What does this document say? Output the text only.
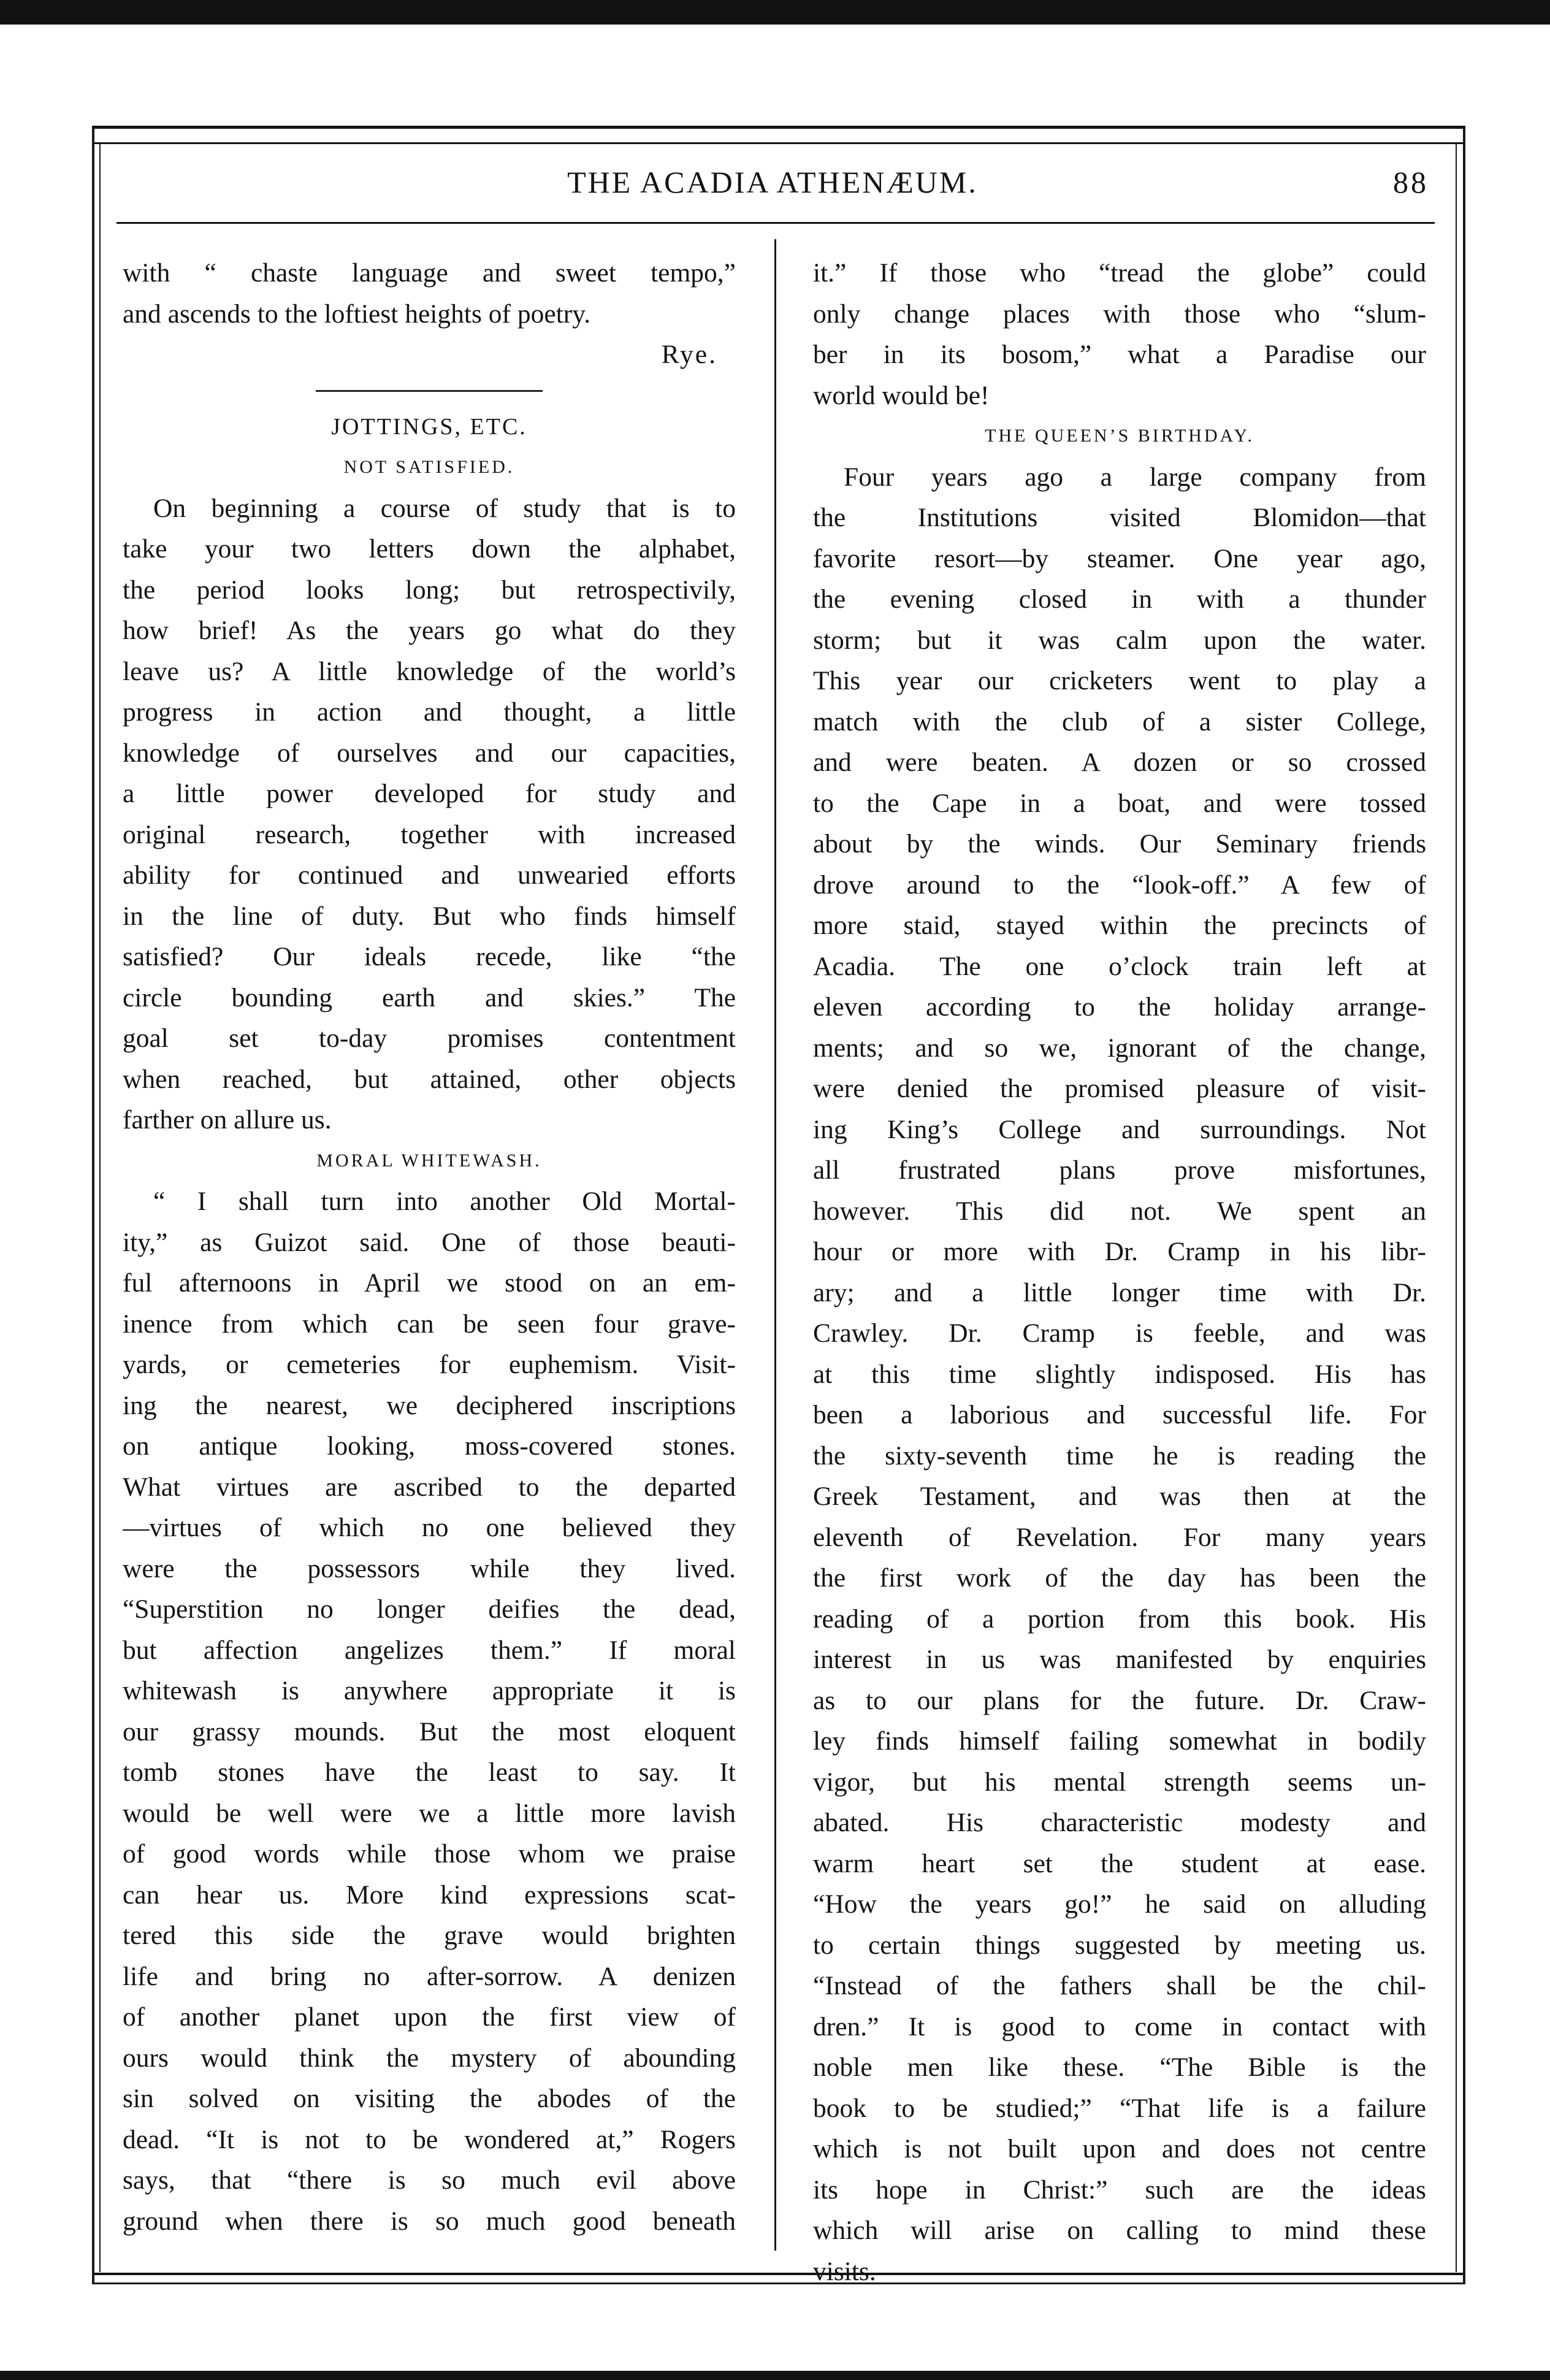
THE ACADIA ATHENÆUM.	88
with “ chaste language and sweet tempo,”
and ascends to the loftiest heights of poetry.
Rye.
JOTTINGS, ETC.
NOT SATISFIED.
On beginning a course of study that is to
take your two letters down the alphabet,
the period looks long; but retrospectivily,
how brief! As the years go what do they
leave us? A little knowledge of the world’s
progress in action and thought, a little
knowledge of ourselves and our capacities,
a little power developed for study and
original research, together with increased
ability for continued and unwearied efforts
in the line of duty. But who finds himself
satisfied? Our ideals recede, like “the
circle bounding earth and skies.” The
goal set to-day promises contentment
when reached, but attained, other objects
farther on allure us.
MORAL WHITEWASH.
“ I shall turn into another Old Mortal-
ity,” as Guizot said. One of those beauti-
ful afternoons in April we stood on an em-
inence from which can be seen four grave-
yards, or cemeteries for euphemism. Visit-
ing the nearest, we deciphered inscriptions
on antique looking, moss-covered stones.
What virtues are ascribed to the departed
—virtues of which no one believed they
were the possessors while they lived.
“Superstition no longer deifies the dead,
but affection angelizes them.” If moral
whitewash is anywhere appropriate it is
our grassy mounds. But the most eloquent
tomb stones have the least to say. It
would be well were we a little more lavish
of good words while those whom we praise
can hear us. More kind expressions scat-
tered this side the grave would brighten
life and bring no after-sorrow. A denizen
of another planet upon the first view of
ours would think the mystery of abounding
sin solved on visiting the abodes of the
dead. “It is not to be wondered at,” Rogers
says, that “there is so much evil above
ground when there is so much good beneath
it.” If those who “tread the globe” could
only change places with those who “slum-
ber in its bosom,” what a Paradise our
world would be!
THE QUEEN’S BIRTHDAY.
Four years ago a large company from
the Institutions visited Blomidon—that
favorite resort—by steamer. One year ago,
the evening closed in with a thunder
storm; but it was calm upon the water.
This year our cricketers went to play a
match with the club of a sister College,
and were beaten. A dozen or so crossed
to the Cape in a boat, and were tossed
about by the winds. Our Seminary friends
drove around to the “look-off.” A few of
more staid, stayed within the precincts of
Acadia. The one o’clock train left at
eleven according to the holiday arrange-
ments; and so we, ignorant of the change,
were denied the promised pleasure of visit-
ing King’s College and surroundings. Not
all frustrated plans prove misfortunes,
however. This did not. We spent an
hour or more with Dr. Cramp in his libr-
ary; and a little longer time with Dr.
Crawley. Dr. Cramp is feeble, and was
at this time slightly indisposed. His has
been a laborious and successful life. For
the sixty-seventh time he is reading the
Greek Testament, and was then at the
eleventh of Revelation. For many years
the first work of the day has been the
reading of a portion from this book. His
interest in us was manifested by enquiries
as to our plans for the future. Dr. Craw-
ley finds himself failing somewhat in bodily
vigor, but his mental strength seems un-
abated. His characteristic modesty and
warm heart set the student at ease.
“How the years go!” he said on alluding
to certain things suggested by meeting us.
“Instead of the fathers shall be the chil-
dren.” It is good to come in contact with
noble men like these. “The Bible is the
book to be studied;” “That life is a failure
which is not built upon and does not centre
its hope in Christ:” such are the ideas
which will arise on calling to mind these
visits.
